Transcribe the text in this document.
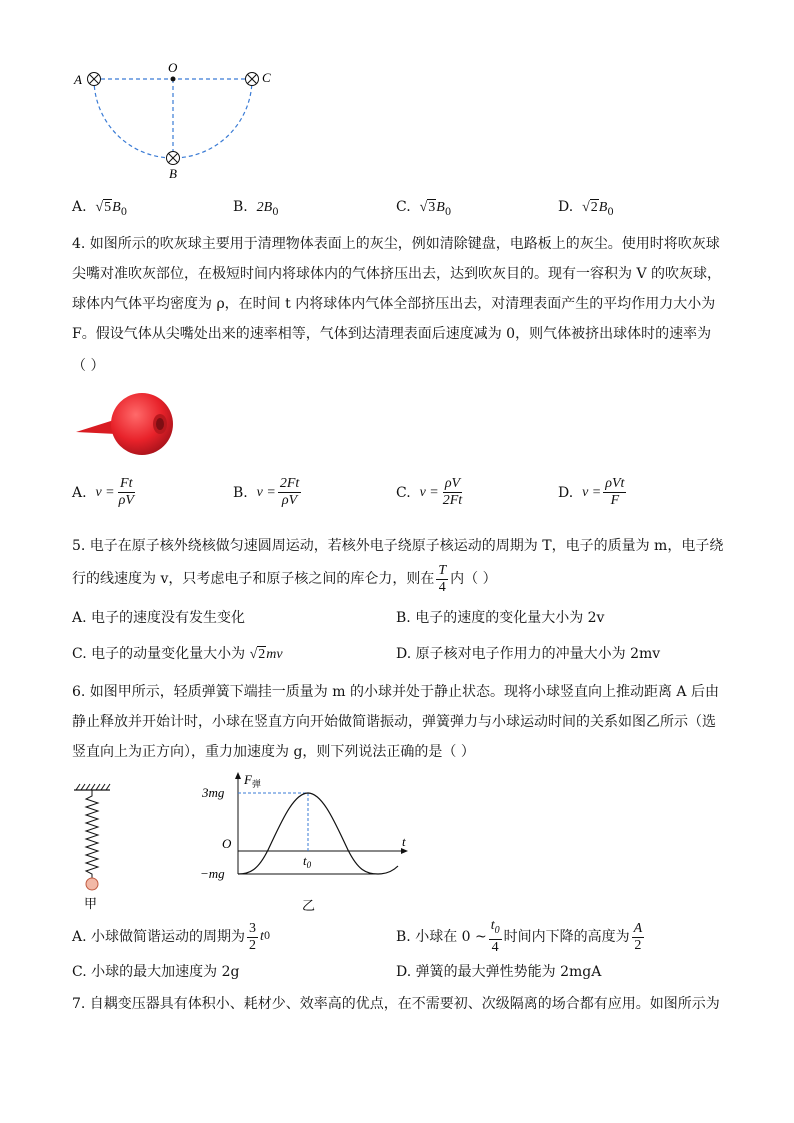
A
O
C
B
A. $√5B_0$	B. $2B_0$	C. $√3B_0$	D. $√2B_0$
4. 如图所示的吹灰球主要用于清理物体表面上的灰尘，例如清除键盘，电路板上的灰尘。使用时将吹灰球
尖嘴对准吹灰部位，在极短时间内将球体内的气体挤压出去，达到吹灰目的。现有一容积为 V 的吹灰球，
球体内气体平均密度为 ρ，在时间 t 内将球体内气体全部挤压出去，对清理表面产生的平均作用力大小为
F。假设气体从尖嘴处出来的速率相等，气体到达清理表面后速度减为 0，则气体被挤出球体时的速率为
（ ）
A.
$v = \frac{Ft}{\rho V}$	B.
$v = \frac{2Ft}{\rho V}$	C.
$v = \frac{\rho V}{2Ft}$	D.
$v = \frac{\text{ρVt}}{F}$
5. 电子在原子核外绕核做匀速圆周运动，若核外电子绕原子核运动的周期为 T，电子的质量为 m，电子绕
行的线速度为 v，只考虑电子和原子核之间的库仑力，则在 $\frac{T}{4}$ 内（ ）
A. 电子的速度没有发生变化	B. 电子的速度的变化量大小为 2v
C. 电子的动量变化量大小为 √2mv	D. 原子核对电子作用力的冲量大小为 2mv
6. 如图甲所示，轻质弹簧下端挂一质量为 m 的小球并处于静止状态。现将小球竖直向上推动距离 A 后由
静止释放并开始计时，小球在竖直方向开始做简谐振动，弹簧弹力与小球运动时间的关系如图乙所示（选
竖直向上为正方向），重力加速度为 g，则下列说法正确的是（ ）
甲
$F_弹$
3mg
O
−mg
$t_0$
t
乙
A. 小球做简谐运动的周期为 $\frac{3}{2}$ t 0	B. 小球在 0 ~ $\frac{t_0}{4}$ 时间内下降的高度为 $\frac{A}{2}$
C. 小球的最大加速度为 2g	D. 弹簧的最大弹性势能为 2mgA
7. 自耦变压器具有体积小、耗材少、效率高的优点，在不需要初、次级隔离的场合都有应用。如图所示为
